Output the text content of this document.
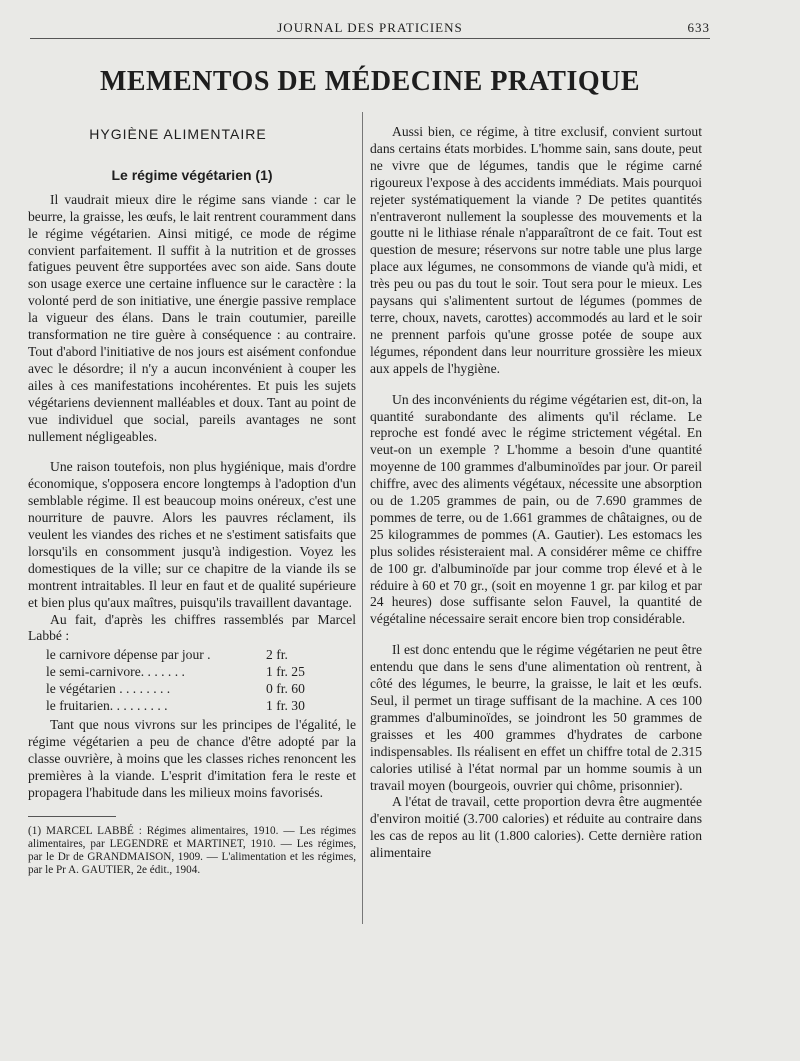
JOURNAL DES PRATICIENS	633
MEMENTOS DE MÉDECINE PRATIQUE
HYGIÈNE ALIMENTAIRE
Le régime végétarien (1)

Il vaudrait mieux dire le régime sans viande : car le beurre, la graisse, les œufs, le lait rentrent couramment dans le régime végétarien. Ainsi mitigé, ce mode de régime convient parfaitement. Il suffit à la nutrition et de grosses fatigues peuvent être supportées avec son aide. Sans doute son usage exerce une certaine influence sur le caractère : la volonté perd de son initiative, une énergie passive remplace la vigueur des élans. Dans le train coutumier, pareille transformation ne tire guère à conséquence : au contraire. Tout d'abord l'initiative de nos jours est aisément confondue avec le désordre; il n'y a aucun inconvénient à couper les ailes à ces manifestations incohérentes. Et puis les sujets végétariens deviennent malléables et doux. Tant au point de vue individuel que social, pareils avantages ne sont nullement négligeables.

Une raison toutefois, non plus hygiénique, mais d'ordre économique, s'opposera encore longtemps à l'adoption d'un semblable régime. Il est beaucoup moins onéreux, c'est une nourriture de pauvre. Alors les pauvres réclament, ils veulent les viandes des riches et ne s'estiment satisfaits que lorsqu'ils en consomment jusqu'à indigestion. Voyez les domestiques de la ville; sur ce chapitre de la viande ils se montrent intraitables. Il leur en faut et de qualité supérieure et bien plus qu'aux maîtres, puisqu'ils travaillent davantage.

Au fait, d'après les chiffres rassemblés par Marcel Labbé :

le carnivore dépense par jour .	2 fr.
le semi-carnivore. . . . . . .	1 fr. 25
le végétarien . . . . . . . .	0 fr. 60
le fruitarien. . . . . . . . .	1 fr. 30

Tant que nous vivrons sur les principes de l'égalité, le régime végétarien a peu de chance d'être adopté par la classe ouvrière, à moins que les classes riches renoncent les premières à la viande. L'esprit d'imitation fera le reste et propagera l'habitude dans les milieux moins favorisés.

(1) MARCEL LABBÉ : Régimes alimentaires, 1910. — Les régimes alimentaires, par LEGENDRE et MARTINET, 1910. — Les régimes, par le Dr de GRANDMAISON, 1909. — L'alimentation et les régimes, par le Pr A. GAUTIER, 2e édit., 1904.

Aussi bien, ce régime, à titre exclusif, convient surtout dans certains états morbides. L'homme sain, sans doute, peut ne vivre que de légumes, tandis que le régime carné rigoureux l'expose à des accidents immédiats. Mais pourquoi rejeter systématiquement la viande ? De petites quantités n'entraveront nullement la souplesse des mouvements et la goutte ni le lithiase rénale n'apparaîtront de ce fait. Tout est question de mesure; réservons sur notre table une plus large place aux légumes, ne consommons de viande qu'à midi, et très peu ou pas du tout le soir. Tout sera pour le mieux. Les paysans qui s'alimentent surtout de légumes (pommes de terre, choux, navets, carottes) accommodés au lard et le soir ne prennent parfois qu'une grosse potée de soupe aux légumes, répondent dans leur nourriture grossière les mieux aux appels de l'hygiène.

Un des inconvénients du régime végétarien est, dit-on, la quantité surabondante des aliments qu'il réclame. Le reproche est fondé avec le régime strictement végétal. En veut-on un exemple ? L'homme a besoin d'une quantité moyenne de 100 grammes d'albuminoïdes par jour. Or pareil chiffre, avec des aliments végétaux, nécessite une absorption ou de 1.205 grammes de pain, ou de 7.690 grammes de pommes de terre, ou de 1.661 grammes de châtaignes, ou de 25 kilogrammes de pommes (A. Gautier). Les estomacs les plus solides résisteraient mal. A considérer même ce chiffre de 100 gr. d'albuminoïde par jour comme trop élevé et à le réduire à 60 et 70 gr., (soit en moyenne 1 gr. par kilog et par 24 heures) dose suffisante selon Fauvel, la quantité de végétaline nécessaire serait encore bien trop considérable.

Il est donc entendu que le régime végétarien ne peut être entendu que dans le sens d'une alimentation où rentrent, à côté des légumes, le beurre, la graisse, le lait et les œufs. Seul, il permet un tirage suffisant de la machine. A ces 100 grammes d'albuminoïdes, se joindront les 50 grammes de graisses et les 400 grammes d'hydrates de carbone indispensables. Ils réalisent en effet un chiffre total de 2.315 calories utilisé à l'état normal par un homme soumis à un travail moyen (bourgeois, ouvrier qui chôme, prisonnier).

A l'état de travail, cette proportion devra être augmentée d'environ moitié (3.700 calories) et réduite au contraire dans les cas de repos au lit (1.800 calories). Cette dernière ration alimentaire
